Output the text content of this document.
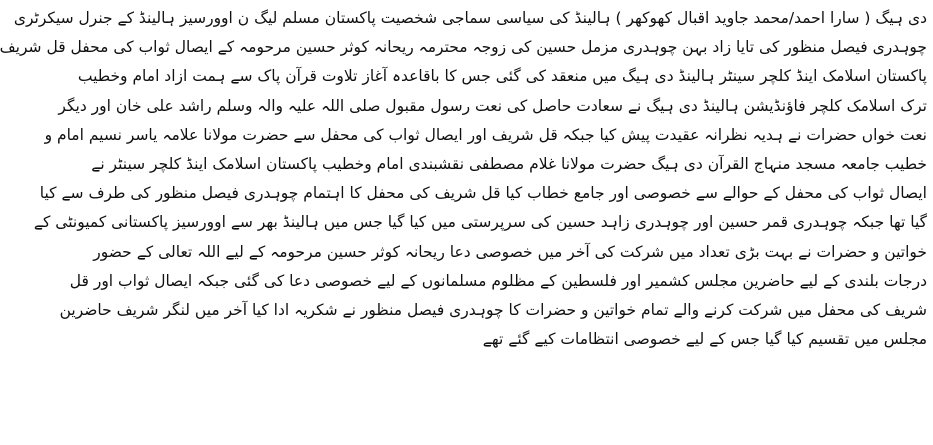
دی ہیگ ( سارا احمد/محمد جاوید اقبال کھوکھر ) ہالینڈ کی سیاسی سماجی شخصیت پاکستان مسلم لیگ ن اوورسیز ہالینڈ کے جنرل سیکرٹری
چوہدری فیصل منظور کی تایا زاد بہن چوہدری مزمل حسین کی زوجہ محترمہ ریحانہ کوثر حسین مرحومہ کے ایصال ثواب کی محفل قل شریف
پاکستان اسلامک اینڈ کلچر سینٹر ہالینڈ دی ہیگ میں منعقد کی گئی جس کا باقاعدہ آغاز تلاوت قرآن پاک سے ہمت ازاد امام وخطیب
ترک اسلامک کلچر فاؤنڈیشن ہالینڈ دی ہیگ نے سعادت حاصل کی نعت رسول مقبول صلی اللہ علیہ والہ وسلم راشد علی خان اور دیگر
نعت خواں حضرات نے ہدیہ نظرانہ عقیدت پیش کیا جبکہ قل شریف اور ایصال ثواب کی محفل سے حضرت مولانا علامہ یاسر نسیم امام و
خطیب جامعہ مسجد منہاج القرآن دی ہیگ حضرت مولانا غلام مصطفی نقشبندی امام وخطیب پاکستان اسلامک اینڈ کلچر سینٹر نے
ایصال ثواب کی محفل کے حوالے سے خصوصی اور جامع خطاب کیا قل شریف کی محفل کا اہتمام چوہدری فیصل منظور کی طرف سے کیا
گیا تھا جبکہ چوہدری قمر حسین اور چوہدری زاہد حسین کی سرپرستی میں کیا گیا جس میں ہالینڈ بھر سے اوورسیز پاکستانی کمیونٹی کے
خواتین و حضرات نے بہت بڑی تعداد میں شرکت کی آخر میں خصوصی دعا ریحانہ کوثر حسین مرحومہ کے لیے اللہ تعالی کے حضور
درجات بلندی کے لیے حاضرین مجلس کشمیر اور فلسطین کے مظلوم مسلمانوں کے لیے خصوصی دعا کی گئی جبکہ ایصال ثواب اور قل
شریف کی محفل میں شرکت کرنے والے تمام خواتین و حضرات کا چوہدری فیصل منظور نے شکریہ ادا کیا آخر میں لنگر شریف حاضرین
مجلس میں تقسیم کیا گیا جس کے لیے خصوصی انتظامات کیے گئے تھے
